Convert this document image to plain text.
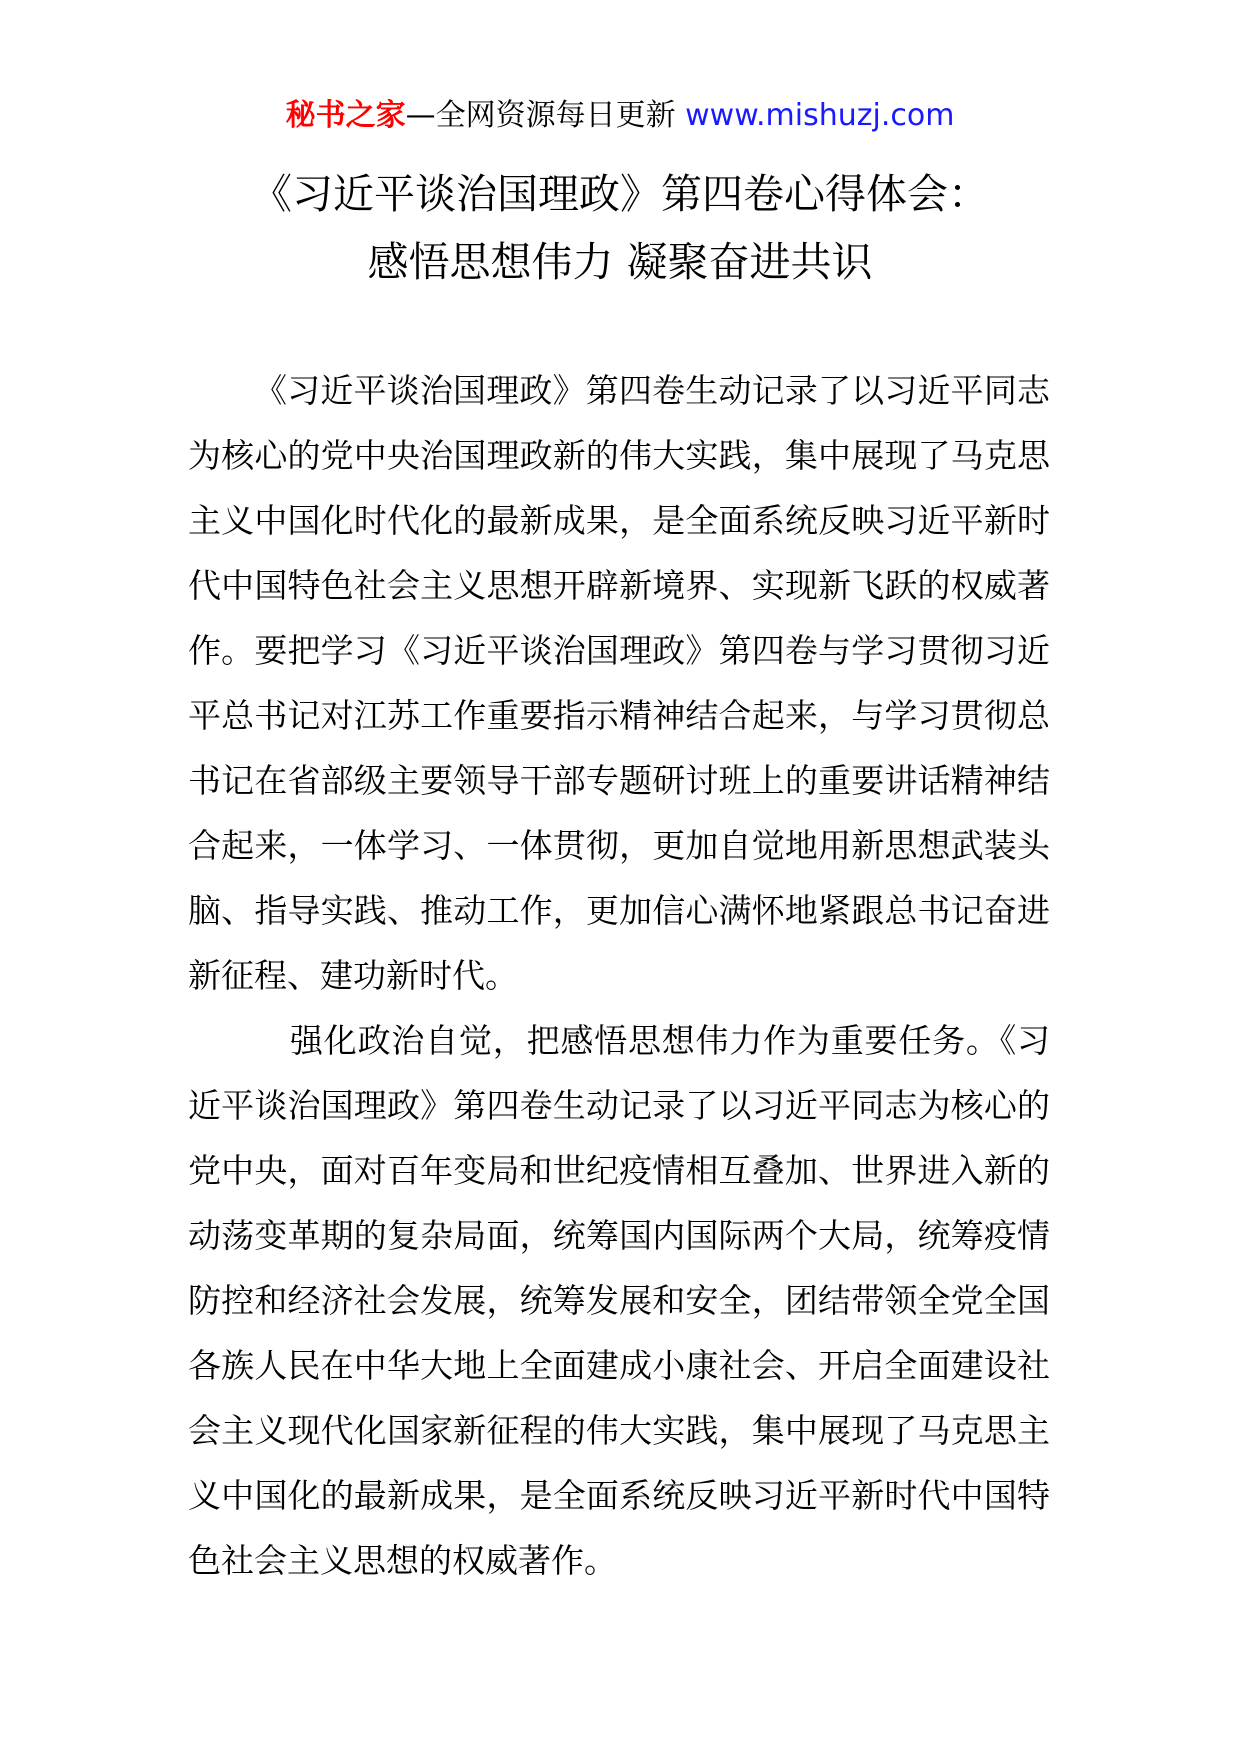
秘书之家—全网资源每日更新 www.mishuzj.com
《习近平谈治国理政》第四卷心得体会：
感悟思想伟力 凝聚奋进共识

《习近平谈治国理政》第四卷生动记录了以习近平同志为核心的党中央治国理政新的伟大实践，集中展现了马克思主义中国化时代化的最新成果，是全面系统反映习近平新时代中国特色社会主义思想开辟新境界、实现新飞跃的权威著作。要把学习《习近平谈治国理政》第四卷与学习贯彻习近平总书记对江苏工作重要指示精神结合起来，与学习贯彻总书记在省部级主要领导干部专题研讨班上的重要讲话精神结合起来，一体学习、一体贯彻，更加自觉地用新思想武装头脑、指导实践、推动工作，更加信心满怀地紧跟总书记奋进新征程、建功新时代。

强化政治自觉，把感悟思想伟力作为重要任务。《习近平谈治国理政》第四卷生动记录了以习近平同志为核心的党中央，面对百年变局和世纪疫情相互叠加、世界进入新的动荡变革期的复杂局面，统筹国内国际两个大局，统筹疫情防控和经济社会发展，统筹发展和安全，团结带领全党全国各族人民在中华大地上全面建成小康社会、开启全面建设社会主义现代化国家新征程的伟大实践，集中展现了马克思主义中国化的最新成果，是全面系统反映习近平新时代中国特色社会主义思想的权威著作。
